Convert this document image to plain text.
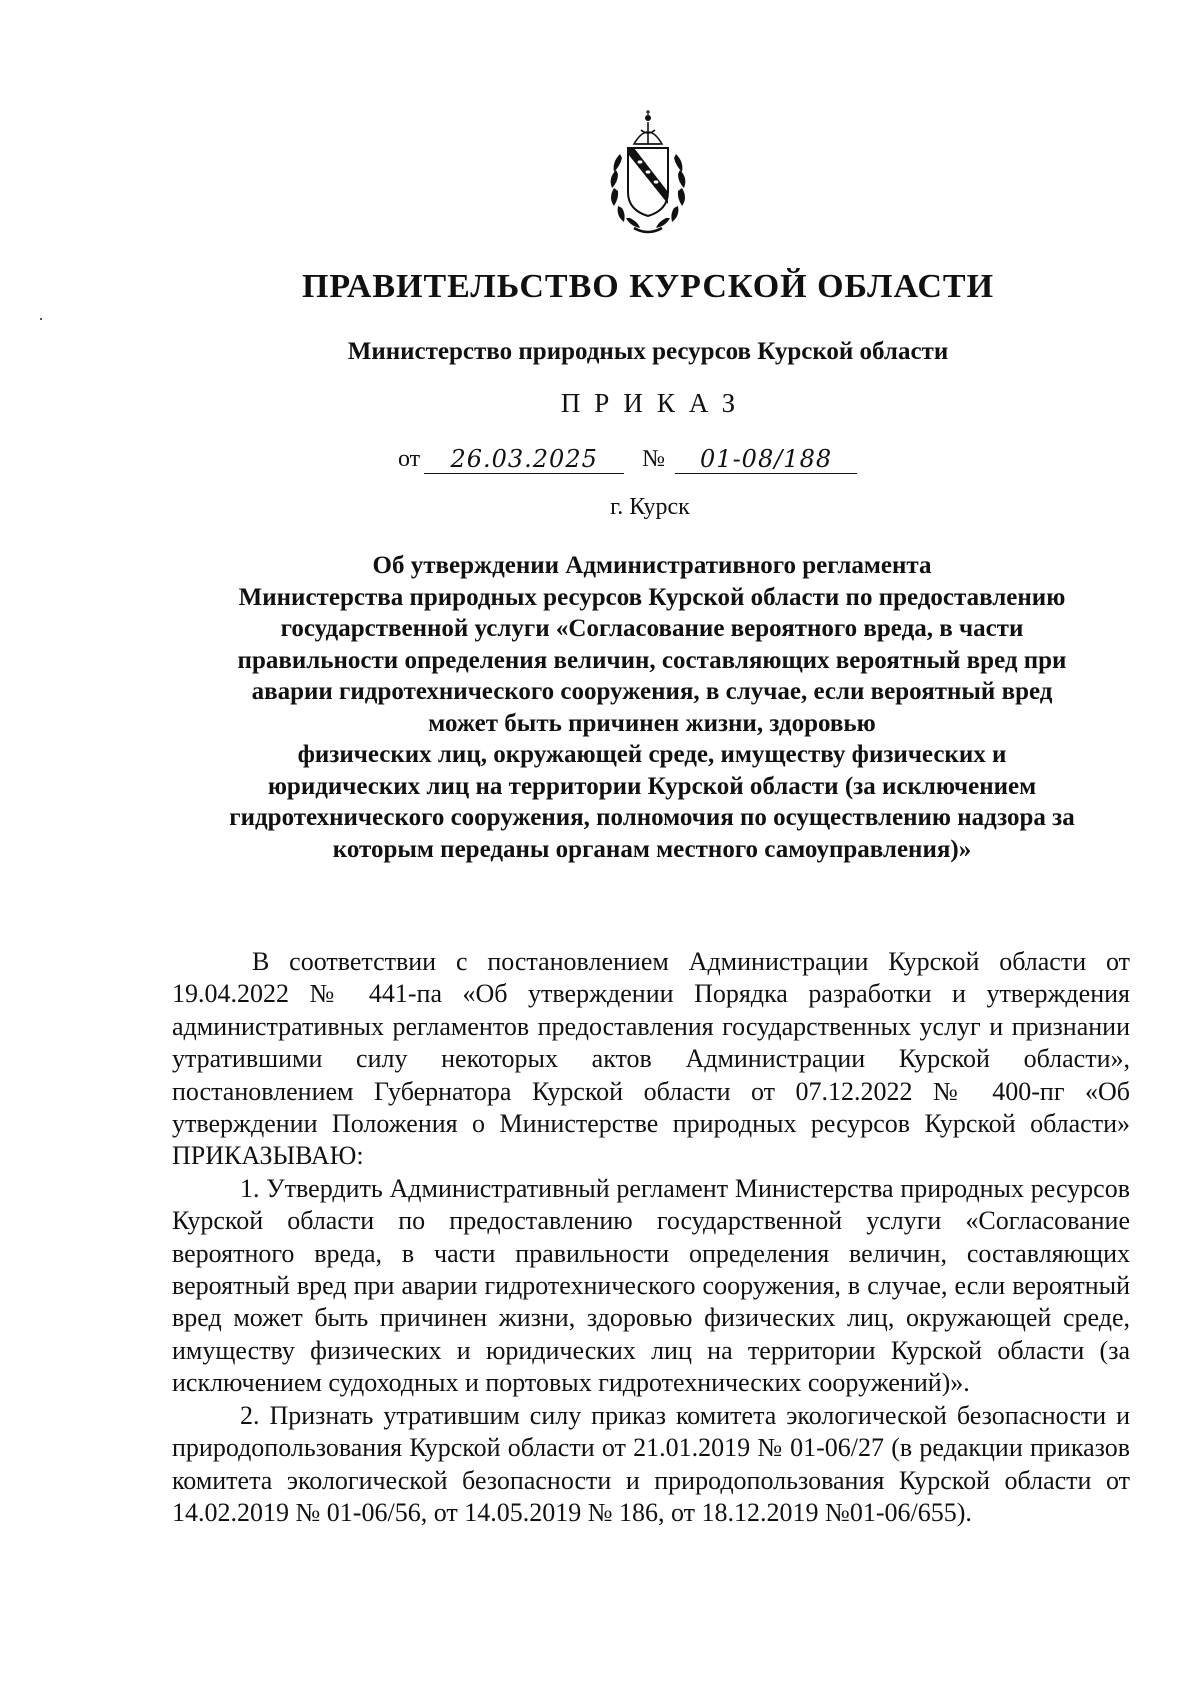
ПРАВИТЕЛЬСТВО КУРСКОЙ ОБЛАСТИ
Министерство природных ресурсов Курской области
ПРИКАЗ
от	26.03.2025	№	01-08/188
г. Курск
Об утверждении Административного регламента
Министерства природных ресурсов Курской области по предоставлению
государственной услуги «Согласование вероятного вреда, в части
правильности определения величин, составляющих вероятный вред при
аварии гидротехнического сооружения, в случае, если вероятный вред
может быть причинен жизни, здоровью
физических лиц, окружающей среде, имуществу физических и
юридических лиц на территории Курской области (за исключением
гидротехнического сооружения, полномочия по осуществлению надзора за
которым переданы органам местного самоуправления)»

В соответствии с постановлением Администрации Курской области от 19.04.2022 № 441-па «Об утверждении Порядка разработки и утверждения административных регламентов предоставления государственных услуг и признании утратившими силу некоторых актов Администрации Курской области», постановлением Губернатора Курской области от 07.12.2022 № 400-пг «Об утверждении Положения о Министерстве природных ресурсов Курской области» ПРИКАЗЫВАЮ:

1. Утвердить Административный регламент Министерства природных ресурсов Курской области по предоставлению государственной услуги «Согласование вероятного вреда, в части правильности определения величин, составляющих вероятный вред при аварии гидротехнического сооружения, в случае, если вероятный вред может быть причинен жизни, здоровью физических лиц, окружающей среде, имуществу физических и юридических лиц на территории Курской области (за исключением судоходных и портовых гидротехнических сооружений)».

2. Признать утратившим силу приказ комитета экологической безопасности и природопользования Курской области от 21.01.2019 № 01-06/27 (в редакции приказов комитета экологической безопасности и природопользования Курской области от 14.02.2019 № 01-06/56, от 14.05.2019 № 186, от 18.12.2019 №01-06/655).
